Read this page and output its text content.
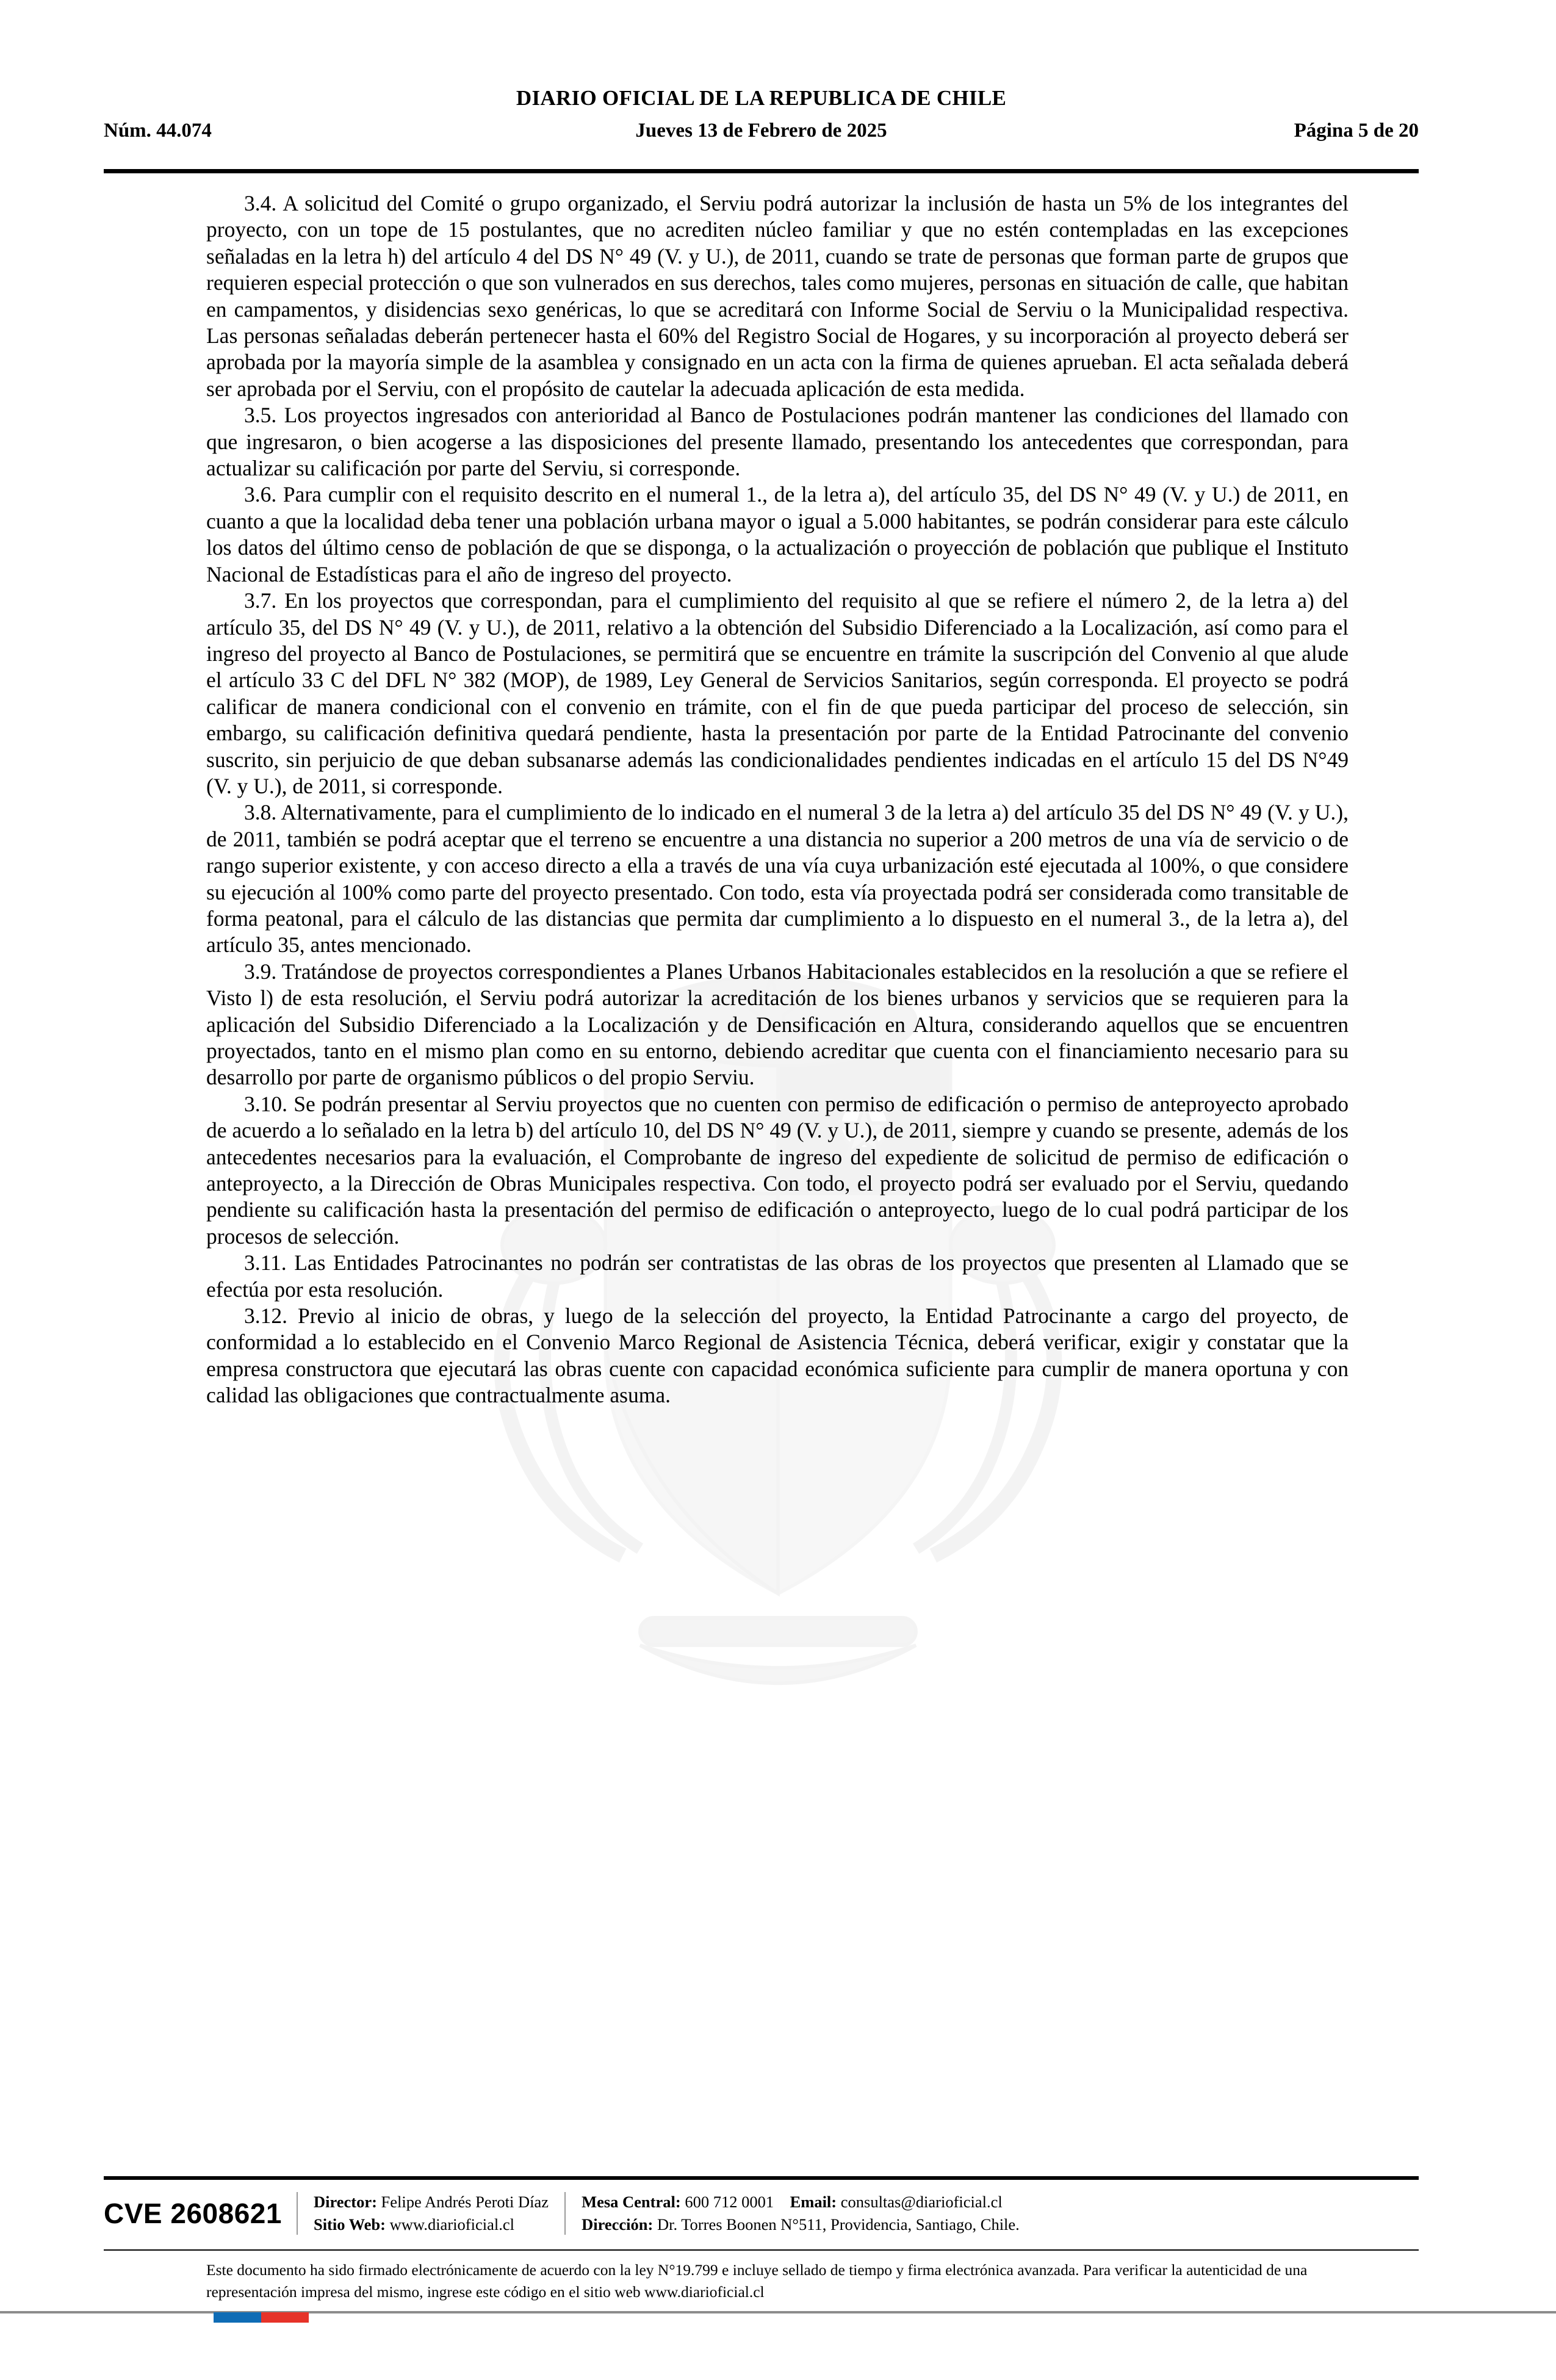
DIARIO OFICIAL DE LA REPUBLICA DE CHILE
Núm. 44.074	Jueves 13 de Febrero de 2025	Página 5 de 20

3.4. A solicitud del Comité o grupo organizado, el Serviu podrá autorizar la inclusión de hasta un 5% de los integrantes del proyecto, con un tope de 15 postulantes, que no acrediten núcleo familiar y que no estén contempladas en las excepciones señaladas en la letra h) del artículo 4 del DS N° 49 (V. y U.), de 2011, cuando se trate de personas que forman parte de grupos que requieren especial protección o que son vulnerados en sus derechos, tales como mujeres, personas en situación de calle, que habitan en campamentos, y disidencias sexo genéricas, lo que se acreditará con Informe Social de Serviu o la Municipalidad respectiva. Las personas señaladas deberán pertenecer hasta el 60% del Registro Social de Hogares, y su incorporación al proyecto deberá ser aprobada por la mayoría simple de la asamblea y consignado en un acta con la firma de quienes aprueban. El acta señalada deberá ser aprobada por el Serviu, con el propósito de cautelar la adecuada aplicación de esta medida.

3.5. Los proyectos ingresados con anterioridad al Banco de Postulaciones podrán mantener las condiciones del llamado con que ingresaron, o bien acogerse a las disposiciones del presente llamado, presentando los antecedentes que correspondan, para actualizar su calificación por parte del Serviu, si corresponde.

3.6. Para cumplir con el requisito descrito en el numeral 1., de la letra a), del artículo 35, del DS N° 49 (V. y U.) de 2011, en cuanto a que la localidad deba tener una población urbana mayor o igual a 5.000 habitantes, se podrán considerar para este cálculo los datos del último censo de población de que se disponga, o la actualización o proyección de población que publique el Instituto Nacional de Estadísticas para el año de ingreso del proyecto.

3.7. En los proyectos que correspondan, para el cumplimiento del requisito al que se refiere el número 2, de la letra a) del artículo 35, del DS N° 49 (V. y U.), de 2011, relativo a la obtención del Subsidio Diferenciado a la Localización, así como para el ingreso del proyecto al Banco de Postulaciones, se permitirá que se encuentre en trámite la suscripción del Convenio al que alude el artículo 33 C del DFL N° 382 (MOP), de 1989, Ley General de Servicios Sanitarios, según corresponda. El proyecto se podrá calificar de manera condicional con el convenio en trámite, con el fin de que pueda participar del proceso de selección, sin embargo, su calificación definitiva quedará pendiente, hasta la presentación por parte de la Entidad Patrocinante del convenio suscrito, sin perjuicio de que deban subsanarse además las condicionalidades pendientes indicadas en el artículo 15 del DS N°49 (V. y U.), de 2011, si corresponde.

3.8. Alternativamente, para el cumplimiento de lo indicado en el numeral 3 de la letra a) del artículo 35 del DS N° 49 (V. y U.), de 2011, también se podrá aceptar que el terreno se encuentre a una distancia no superior a 200 metros de una vía de servicio o de rango superior existente, y con acceso directo a ella a través de una vía cuya urbanización esté ejecutada al 100%, o que considere su ejecución al 100% como parte del proyecto presentado. Con todo, esta vía proyectada podrá ser considerada como transitable de forma peatonal, para el cálculo de las distancias que permita dar cumplimiento a lo dispuesto en el numeral 3., de la letra a), del artículo 35, antes mencionado.

3.9. Tratándose de proyectos correspondientes a Planes Urbanos Habitacionales establecidos en la resolución a que se refiere el Visto l) de esta resolución, el Serviu podrá autorizar la acreditación de los bienes urbanos y servicios que se requieren para la aplicación del Subsidio Diferenciado a la Localización y de Densificación en Altura, considerando aquellos que se encuentren proyectados, tanto en el mismo plan como en su entorno, debiendo acreditar que cuenta con el financiamiento necesario para su desarrollo por parte de organismo públicos o del propio Serviu.

3.10. Se podrán presentar al Serviu proyectos que no cuenten con permiso de edificación o permiso de anteproyecto aprobado de acuerdo a lo señalado en la letra b) del artículo 10, del DS N° 49 (V. y U.), de 2011, siempre y cuando se presente, además de los antecedentes necesarios para la evaluación, el Comprobante de ingreso del expediente de solicitud de permiso de edificación o anteproyecto, a la Dirección de Obras Municipales respectiva. Con todo, el proyecto podrá ser evaluado por el Serviu, quedando pendiente su calificación hasta la presentación del permiso de edificación o anteproyecto, luego de lo cual podrá participar de los procesos de selección.

3.11. Las Entidades Patrocinantes no podrán ser contratistas de las obras de los proyectos que presenten al Llamado que se efectúa por esta resolución.

3.12. Previo al inicio de obras, y luego de la selección del proyecto, la Entidad Patrocinante a cargo del proyecto, de conformidad a lo establecido en el Convenio Marco Regional de Asistencia Técnica, deberá verificar, exigir y constatar que la empresa constructora que ejecutará las obras cuente con capacidad económica suficiente para cumplir de manera oportuna y con calidad las obligaciones que contractualmente asuma.

CVE 2608621	Director: Felipe Andrés Peroti Díaz
Sitio Web: www.diarioficial.cl
Mesa Central: 600 712 0001 Email: consultas@diarioficial.cl
Dirección: Dr. Torres Boonen N°511, Providencia, Santiago, Chile.
Este documento ha sido firmado electrónicamente de acuerdo con la ley N°19.799 e incluye sellado de tiempo y firma electrónica avanzada. Para verificar la autenticidad de una representación impresa del mismo, ingrese este código en el sitio web www.diarioficial.cl
